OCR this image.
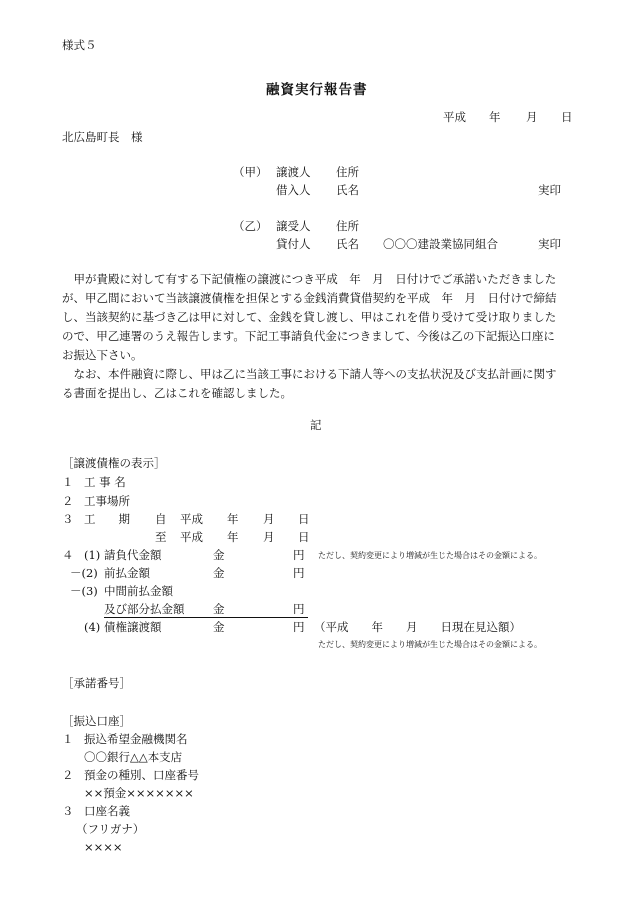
様式５
融資実行報告書
平成 年 月 日
北広島町長　様
（甲） 譲渡人 住所
借入人 氏名	実印
（乙） 譲受人 住所
貸付人 氏名 〇〇〇建設業協同組合	実印
　甲が貴殿に対して有する下記債権の譲渡につき平成　年　月　日付けでご承諾いただきました
が、甲乙間において当該譲渡債権を担保とする金銭消費貸借契約を平成　年　月　日付けで締結
し、当該契約に基づき乙は甲に対して、金銭を貸し渡し、甲はこれを借り受けて受け取りました
ので、甲乙連署のうえ報告します。下記工事請負代金につきまして、今後は乙の下記振込口座に
お振込下さい。
　なお、本件融資に際し、甲は乙に当該工事における下請人等への支払状況及び支払計画に関す
る書面を提出し、乙はこれを確認しました。
記
［譲渡債権の表示］
１ 工 事 名
２ 工事場所
３ 工　　期 自 平成 年 月 日
至 平成 年 月 日
４ (1) 請負代金額	金	円 ただし、契約変更により増減が生じた場合はその金額による。
－(2) 前払金額	金	円
－(3) 中間前払金額
及び部分払金額 金	円
(4) 債権譲渡額	金	円 （平成　　年　　月　　日現在見込額）
ただし、契約変更により増減が生じた場合はその金額による。
［承諾番号］
［振込口座］
１ 振込希望金融機関名
〇〇銀行△△本支店
２ 預金の種別、口座番号
××預金×××××××
３ 口座名義
（フリガナ）
××××
